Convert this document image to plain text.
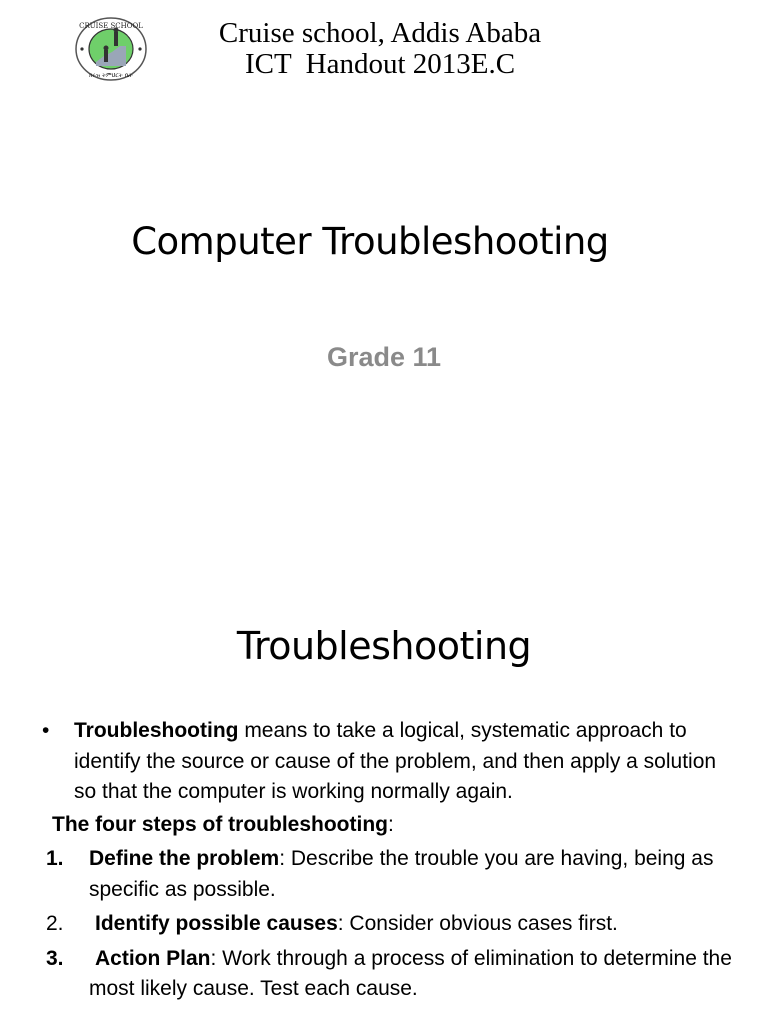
CRUISE SCHOOL
ክሩዝ ትምህርት ቤት
Cruise school, Addis Ababa
ICT  Handout 2013E.C
Computer Troubleshooting
Grade 11
Troubleshooting
• Troubleshooting means to take a logical, systematic approach to identify the source or cause of the problem, and then apply a solution so that the computer is working normally again.
The four steps of troubleshooting:
1. Define the problem: Describe the trouble you are having, being as specific as possible.
2. Identify possible causes: Consider obvious cases first.
3. Action Plan: Work through a process of elimination to determine the most likely cause. Test each cause.
